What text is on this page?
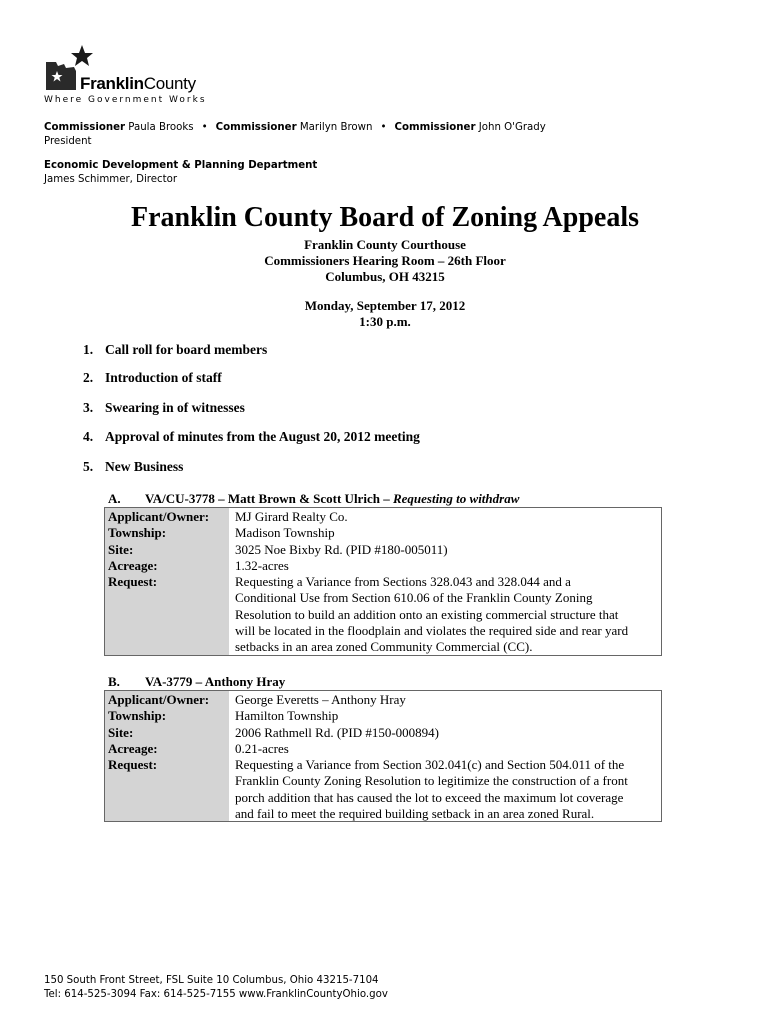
FranklinCounty
Where Government Works
Commissioner Paula Brooks • Commissioner Marilyn Brown • Commissioner John O'Grady
President
Economic Development & Planning Department
James Schimmer, Director
Franklin County Board of Zoning Appeals
Franklin County Courthouse
Commissioners Hearing Room – 26th Floor
Columbus, OH 43215
Monday, September 17, 2012
1:30 p.m.
1. Call roll for board members
2. Introduction of staff
3. Swearing in of witnesses
4. Approval of minutes from the August 20, 2012 meeting
5. New Business
A. VA/CU-3778 – Matt Brown & Scott Ulrich – Requesting to withdraw
Applicant/Owner:
Township:
Site:
Acreage:
Request:
MJ Girard Realty Co.
Madison Township
3025 Noe Bixby Rd. (PID #180-005011)
1.32-acres
Requesting a Variance from Sections 328.043 and 328.044 and a
Conditional Use from Section 610.06 of the Franklin County Zoning
Resolution to build an addition onto an existing commercial structure that
will be located in the floodplain and violates the required side and rear yard
setbacks in an area zoned Community Commercial (CC).
B. VA-3779 – Anthony Hray
Applicant/Owner:
Township:
Site:
Acreage:
Request:
George Everetts – Anthony Hray
Hamilton Township
2006 Rathmell Rd. (PID #150-000894)
0.21-acres
Requesting a Variance from Section 302.041(c) and Section 504.011 of the
Franklin County Zoning Resolution to legitimize the construction of a front
porch addition that has caused the lot to exceed the maximum lot coverage
and fail to meet the required building setback in an area zoned Rural.
150 South Front Street, FSL Suite 10 Columbus, Ohio 43215-7104
Tel: 614-525-3094 Fax: 614-525-7155 www.FranklinCountyOhio.gov
